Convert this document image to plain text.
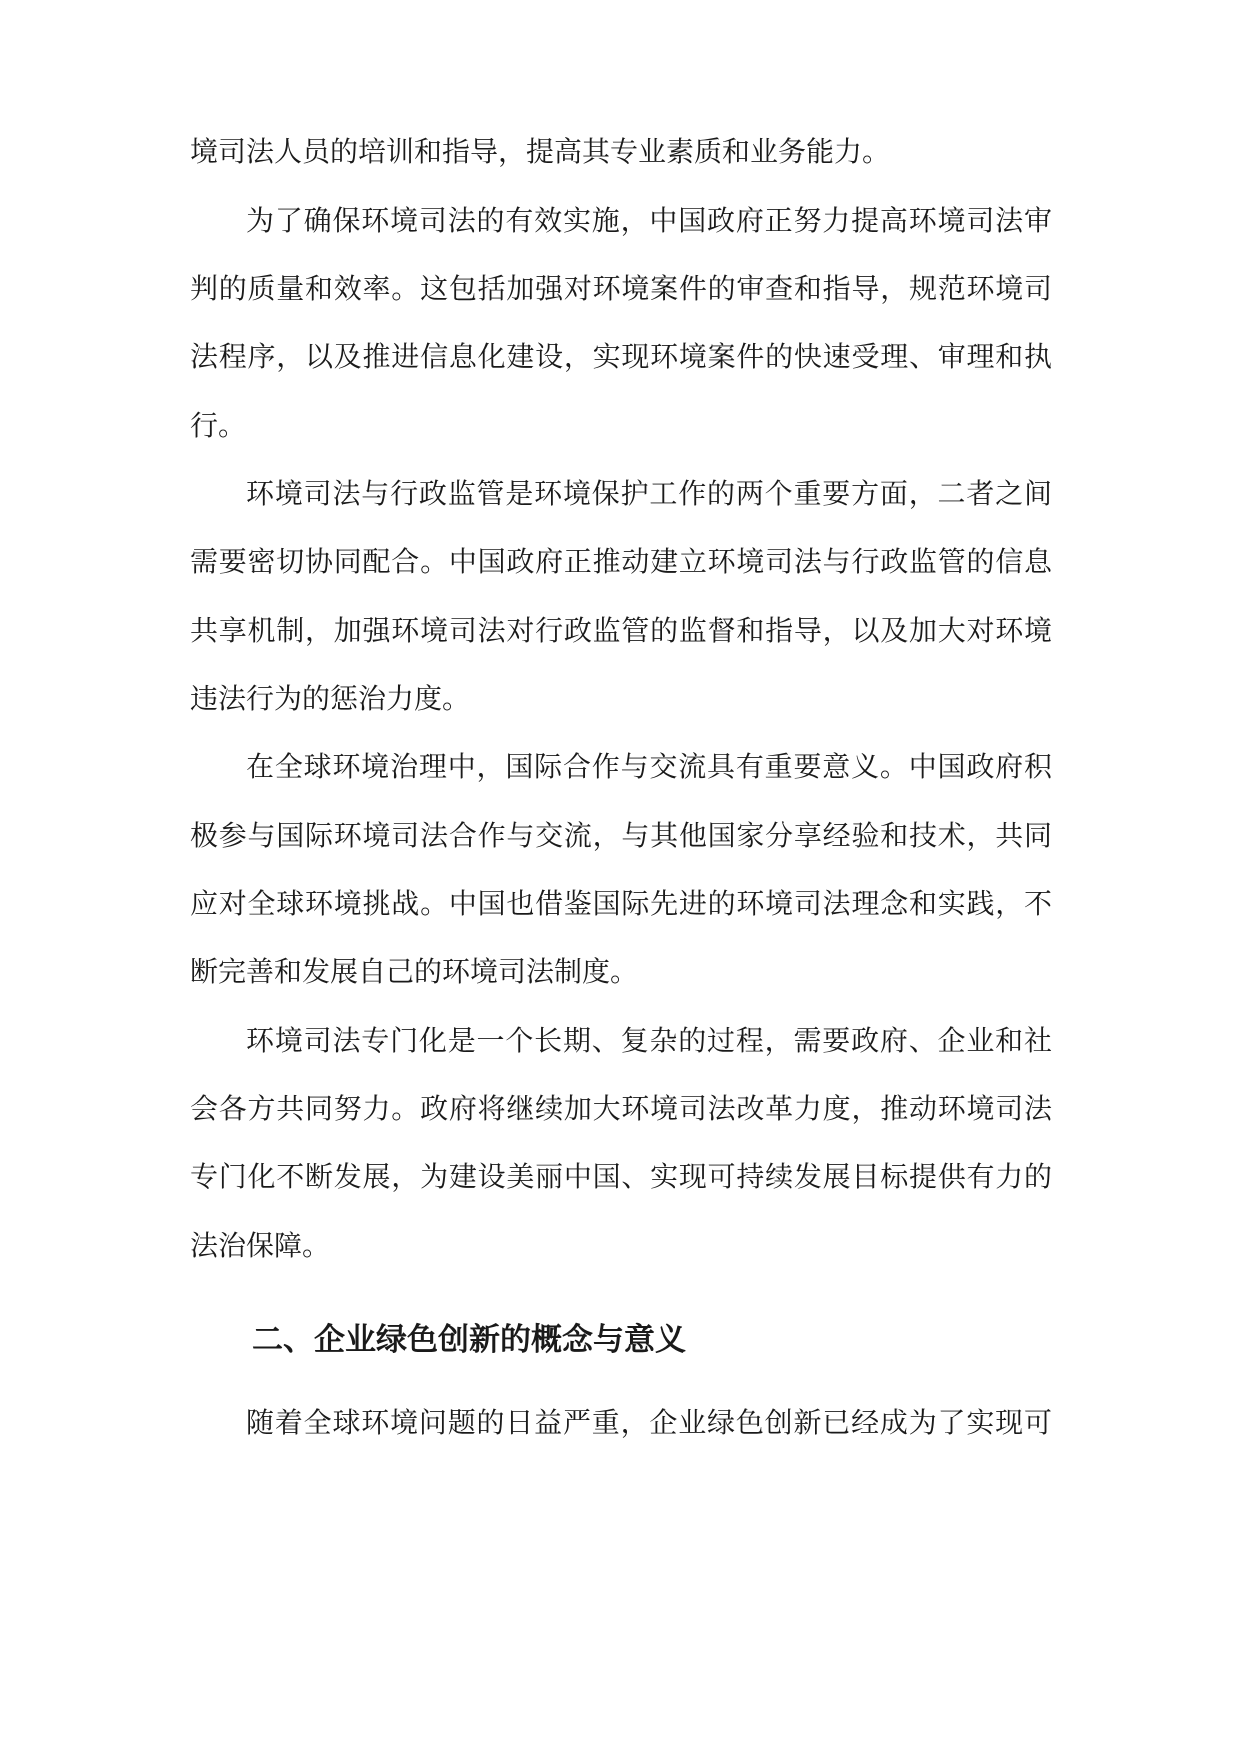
境司法人员的培训和指导，提高其专业素质和业务能力。
为了确保环境司法的有效实施，中国政府正努力提高环境司法审
判的质量和效率。这包括加强对环境案件的审查和指导，规范环境司
法程序，以及推进信息化建设，实现环境案件的快速受理、审理和执
行。
环境司法与行政监管是环境保护工作的两个重要方面，二者之间
需要密切协同配合。中国政府正推动建立环境司法与行政监管的信息
共享机制，加强环境司法对行政监管的监督和指导，以及加大对环境
违法行为的惩治力度。
在全球环境治理中，国际合作与交流具有重要意义。中国政府积
极参与国际环境司法合作与交流，与其他国家分享经验和技术，共同
应对全球环境挑战。中国也借鉴国际先进的环境司法理念和实践，不
断完善和发展自己的环境司法制度。
环境司法专门化是一个长期、复杂的过程，需要政府、企业和社
会各方共同努力。政府将继续加大环境司法改革力度，推动环境司法
专门化不断发展，为建设美丽中国、实现可持续发展目标提供有力的
法治保障。
二、企业绿色创新的概念与意义
随着全球环境问题的日益严重，企业绿色创新已经成为了实现可
